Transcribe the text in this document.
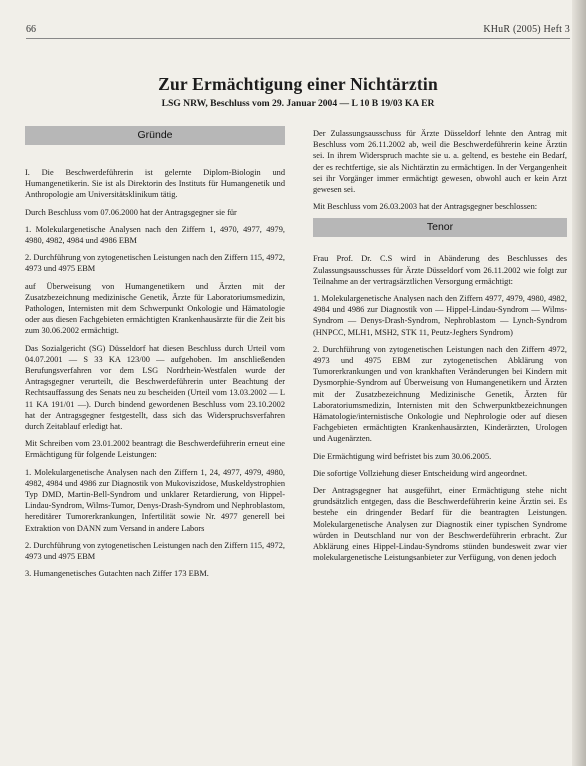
66	KHuR (2005) Heft 3
Zur Ermächtigung einer Nichtärztin
LSG NRW, Beschluss vom 29. Januar 2004 — L 10 B 19/03 KA ER
Gründe

I. Die Beschwerdeführerin ist gelernte Diplom-Biologin und Humangenetikerin. Sie ist als Direktorin des Instituts für Humangenetik und Anthropologie am Universitätsklinikum tätig.

Durch Beschluss vom 07.06.2000 hat der Antragsgegner sie für

1. Molekulargenetische Analysen nach den Ziffern 1, 4970, 4977, 4979, 4980, 4982, 4984 und 4986 EBM

2. Durchführung von zytogenetischen Leistungen nach den Ziffern 115, 4972, 4973 und 4975 EBM

auf Überweisung von Humangenetikern und Ärzten mit der Zusatzbezeichnung medizinische Genetik, Ärzte für Laboratoriumsmedizin, Pathologen, Internisten mit dem Schwerpunkt Onkologie und Hämatologie oder aus diesen Fachgebieten ermächtigten Krankenhausärzte für die Zeit bis zum 30.06.2002 ermächtigt.

Das Sozialgericht (SG) Düsseldorf hat diesen Beschluss durch Urteil vom 04.07.2001 — S 33 KA 123/00 — aufgehoben. Im anschließenden Berufungsverfahren vor dem LSG Nordrhein-Westfalen wurde der Antragsgegner verurteilt, die Beschwerdeführerin unter Beachtung der Rechtsauffassung des Senats neu zu bescheiden (Urteil vom 13.03.2002 — L 11 KA 191/01 —). Durch bindend gewordenen Beschluss vom 23.10.2002 hat der Antragsgegner festgestellt, dass sich das Widerspruchsverfahren durch Zeitablauf erledigt hat.

Mit Schreiben vom 23.01.2002 beantragt die Beschwerdeführerin erneut eine Ermächtigung für folgende Leistungen:

1. Molekulargenetische Analysen nach den Ziffern 1, 24, 4977, 4979, 4980, 4982, 4984 und 4986 zur Diagnostik von Mukoviszidose, Muskeldystrophien Typ DMD, Martin-Bell-Syndrom und unklarer Retardierung, von Hippel-Lindau-Syndrom, Wilms-Tumor, Denys-Drash-Syndrom und Nephroblastom, hereditärer Tumorerkrankungen, Infertilität sowie Nr. 4977 generell bei Extraktion von DANN zum Versand in andere Labors

2. Durchführung von zytogenetischen Leistungen nach den Ziffern 115, 4972, 4973 und 4975 EBM

3. Humangenetisches Gutachten nach Ziffer 173 EBM.

Der Zulassungsausschuss für Ärzte Düsseldorf lehnte den Antrag mit Beschluss vom 26.11.2002 ab, weil die Beschwerdeführerin keine Ärztin sei. In ihrem Widerspruch machte sie u. a. geltend, es bestehe ein Bedarf, der es rechtfertige, sie als Nichtärztin zu ermächtigen. In der Vergangenheit sei ihr Vorgänger immer ermächtigt gewesen, obwohl auch er kein Arzt gewesen sei.

Mit Beschluss vom 26.03.2003 hat der Antragsgegner beschlossen:

Tenor

Frau Prof. Dr. C.S wird in Abänderung des Beschlusses des Zulassungsausschusses für Ärzte Düsseldorf vom 26.11.2002 wie folgt zur Teilnahme an der vertragsärztlichen Versorgung ermächtigt:

1. Molekulargenetische Analysen nach den Ziffern 4977, 4979, 4980, 4982, 4984 und 4986 zur Diagnostik von — Hippel-Lindau-Syndrom — Wilms-Syndrom — Denys-Drash-Syndrom, Nephroblastom — Lynch-Syndrom (HNPCC, MLH1, MSH2, STK 11, Peutz-Jeghers Syndrom)

2. Durchführung von zytogenetischen Leistungen nach den Ziffern 4972, 4973 und 4975 EBM zur zytogenetischen Abklärung von Tumorerkrankungen und von krankhaften Veränderungen bei Kindern mit Dysmorphie-Syndrom auf Überweisung von Humangenetikern und Ärzten mit der Zusatzbezeichnung Medizinische Genetik, Ärzten für Laboratoriumsmedizin, Internisten mit den Schwerpunktbezeichnungen Hämatologie/internistische Onkologie und Nephrologie oder auf diesen Fachgebieten ermächtigten Krankenhausärzten, Kinderärzten, Urologen und Augenärzten.

Die Ermächtigung wird befristet bis zum 30.06.2005.

Die sofortige Vollziehung dieser Entscheidung wird angeordnet.

Der Antragsgegner hat ausgeführt, einer Ermächtigung stehe nicht grundsätzlich entgegen, dass die Beschwerdeführerin keine Ärztin sei. Es bestehe ein dringender Bedarf für die beantragten Leistungen. Molekulargenetische Analysen zur Diagnostik einer typischen Syndrome würden in Deutschland nur von der Beschwerdeführerin erbracht. Zur Abklärung eines Hippel-Lindau-Syndroms stünden bundesweit zwar vier molekulargenetische Leistungsanbieter zur Verfügung, von denen jedoch
